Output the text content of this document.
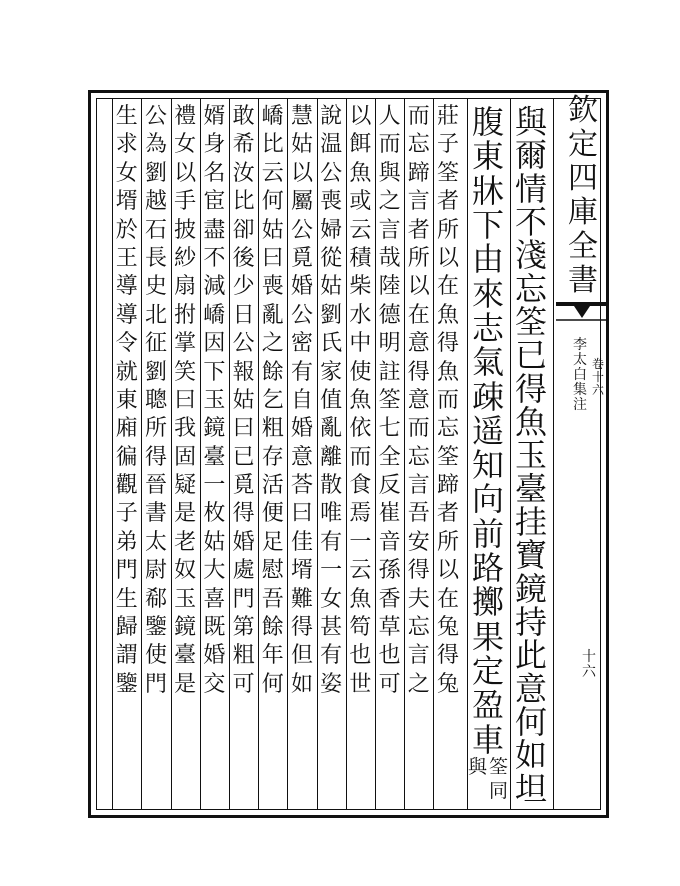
欽
定
四
庫
全
書
李
太
白
集
注
卷
十
六
十
六
與
爾
情
不
淺
忘
筌
已
得
魚
玉
臺
挂
寶
鏡
持
此
意
何
如
坦
腹
東
牀
下
由
來
志
氣
疎
遥
知
向
前
路
擲
果
定
盈
車
筌
同
與
莊
子
筌
者
所
以
在
魚
得
魚
而
忘
筌
蹄
者
所
以
在
兔
得
兔
而
忘
蹄
言
者
所
以
在
意
得
意
而
忘
言
吾
安
得
夫
忘
言
之
人
而
與
之
言
哉
陸
德
明
註
筌
七
全
反
崔
音
孫
香
草
也
可
以
餌
魚
或
云
積
柴
水
中
使
魚
依
而
食
焉
一
云
魚
笱
也
世
說
温
公
喪
婦
從
姑
劉
氏
家
值
亂
離
散
唯
有
一
女
甚
有
姿
慧
姑
以
屬
公
覓
婚
公
密
有
自
婚
意
荅
曰
佳
壻
難
得
但
如
嶠
比
云
何
姑
曰
喪
亂
之
餘
乞
粗
存
活
便
足
慰
吾
餘
年
何
敢
希
汝
比
卻
後
少
日
公
報
姑
曰
已
覓
得
婚
處
門
第
粗
可
婿
身
名
宦
盡
不
減
嶠
因
下
玉
鏡
臺
一
枚
姑
大
喜
既
婚
交
禮
女
以
手
披
紗
扇
拊
掌
笑
曰
我
固
疑
是
老
奴
玉
鏡
臺
是
公
為
劉
越
石
長
史
北
征
劉
聰
所
得
晉
書
太
尉
郗
鑒
使
門
生
求
女
壻
於
王
導
導
令
就
東
廂
徧
觀
子
弟
門
生
歸
謂
鑒
